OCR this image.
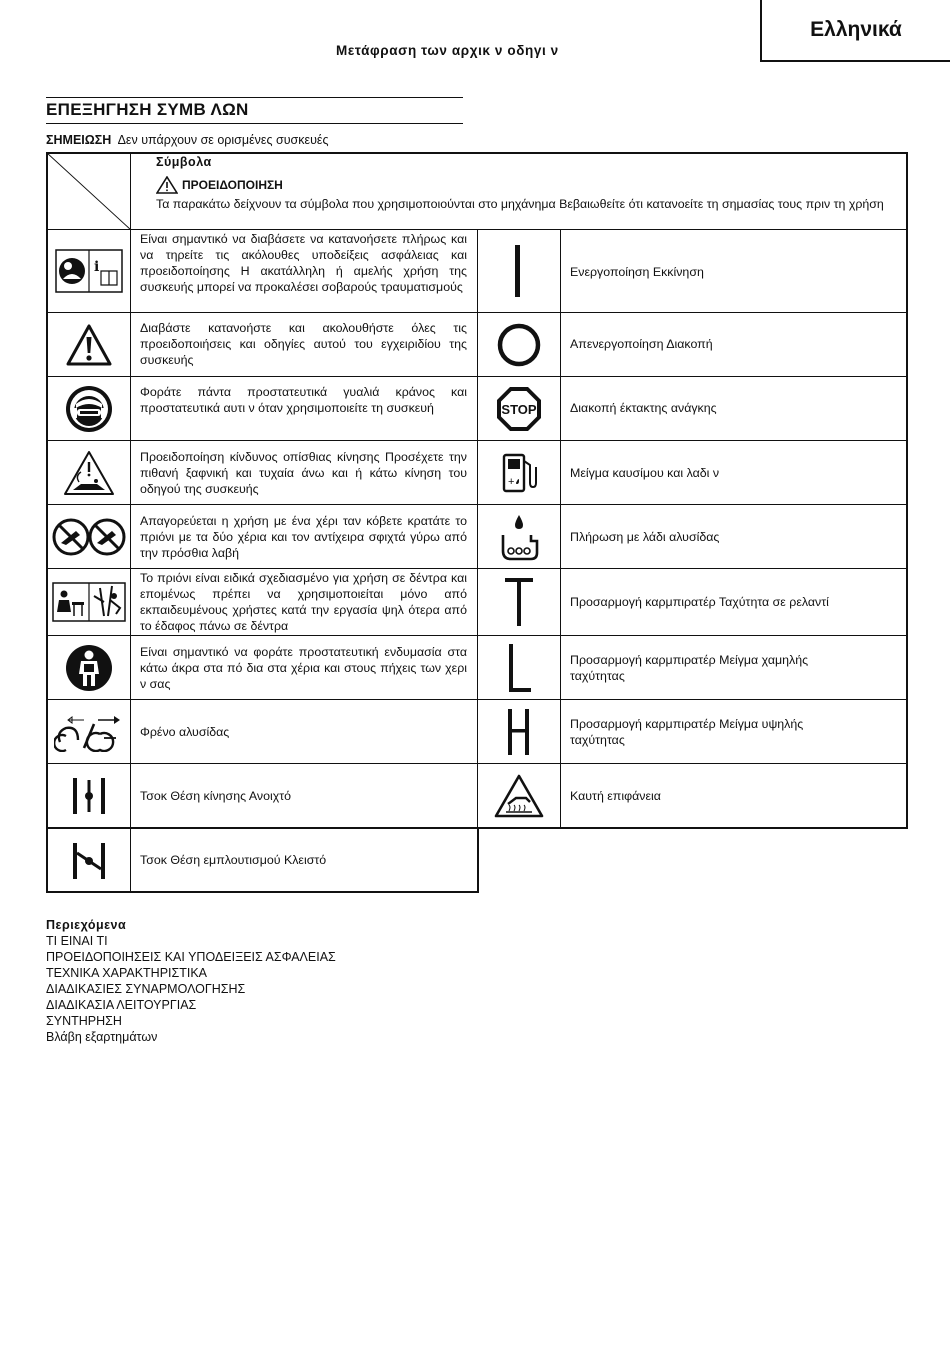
Ελληνικά
Μετάφραση των αρχικ ν οδηγι ν
ΕΠΕΞΗΓΗΣΗ ΣΥΜΒ ΛΩΝ
ΣΗΜΕΙΩΣΗ Δεν υπάρχουν σε ορισμένες συσκευές
Σύμβολα
ΠΡΟΕΙΔΟΠΟΙΗΣΗ
Τα παρακάτω δείχνουν τα σύμβολα που χρησιμοποιούνται στο μηχάνημα Βεβαιωθείτε ότι κατανοείτε τη σημασίας τους πριν τη χρήση
i
Είναι σημαντικό να διαβάσετε να κατανοήσετε πλήρως και να τηρείτε τις ακόλουθες υποδείξεις ασφάλειας και προειδοποίησης Η ακατάλληλη ή αμελής χρήση της συσκευής μπορεί να προκαλέσει σοβαρούς τραυματισμούς
Διαβάστε κατανοήστε και ακολουθήστε όλες τις προειδοποιήσεις και οδηγίες αυτού του εγχειριδίου της συσκευής
Φοράτε πάντα προστατευτικά γυαλιά κράνος και προστατευτικά αυτι ν όταν χρησιμοποιείτε τη συσκευή
Προειδοποίηση κίνδυνος οπίσθιας κίνησης Προσέχετε την πιθανή ξαφνική και τυχαία άνω και ή κάτω κίνηση του οδηγού της συσκευής
Απαγορεύεται η χρήση με ένα χέρι ταν κόβετε κρατάτε το πριόνι με τα δύο χέρια και τον αντίχειρα σφιχτά γύρω από την πρόσθια λαβή
Το πριόνι είναι ειδικά σχεδιασμένο για χρήση σε δέντρα και επομένως πρέπει να χρησιμοποιείται μόνο από εκπαιδευμένους χρήστες κατά την εργασία ψηλ ότερα από το έδαφος πάνω σε δέντρα
Είναι σημαντικό να φοράτε προστατευτική ενδυμασία στα κάτω άκρα στα πό δια στα χέρια και στους πήχεις των χερι ν σας
Φρένο αλυσίδας
Τσοκ Θέση κίνησης Ανοιχτό
Τσοκ Θέση εμπλουτισμού Κλειστό
Ενεργοποίηση Εκκίνηση
Απενεργοποίηση Διακοπή
STOP	Διακοπή έκτακτης ανάγκης
+
Μείγμα καυσίμου και λαδι ν
Πλήρωση με λάδι αλυσίδας
Προσαρμογή καρμπιρατέρ Ταχύτητα σε ρελαντί
Προσαρμογή καρμπιρατέρ Μείγμα χαμηλής ταχύτητας
Προσαρμογή καρμπιρατέρ Μείγμα υψηλής ταχύτητας
Καυτή επιφάνεια
Περιεχόμενα
ΤΙ ΕΙΝΑΙ ΤΙ
ΠΡΟΕΙΔΟΠΟΙΗΣΕΙΣ ΚΑΙ ΥΠΟΔΕΙΞΕΙΣ ΑΣΦΑΛΕΙΑΣ
ΤΕΧΝΙΚΑ ΧΑΡΑΚΤΗΡΙΣΤΙΚΑ
ΔΙΑΔΙΚΑΣΙΕΣ ΣΥΝΑΡΜΟΛΟΓΗΣΗΣ
ΔΙΑΔΙΚΑΣΙΑ ΛΕΙΤΟΥΡΓΙΑΣ
ΣΥΝΤΗΡΗΣΗ
Βλάβη εξαρτημάτων
